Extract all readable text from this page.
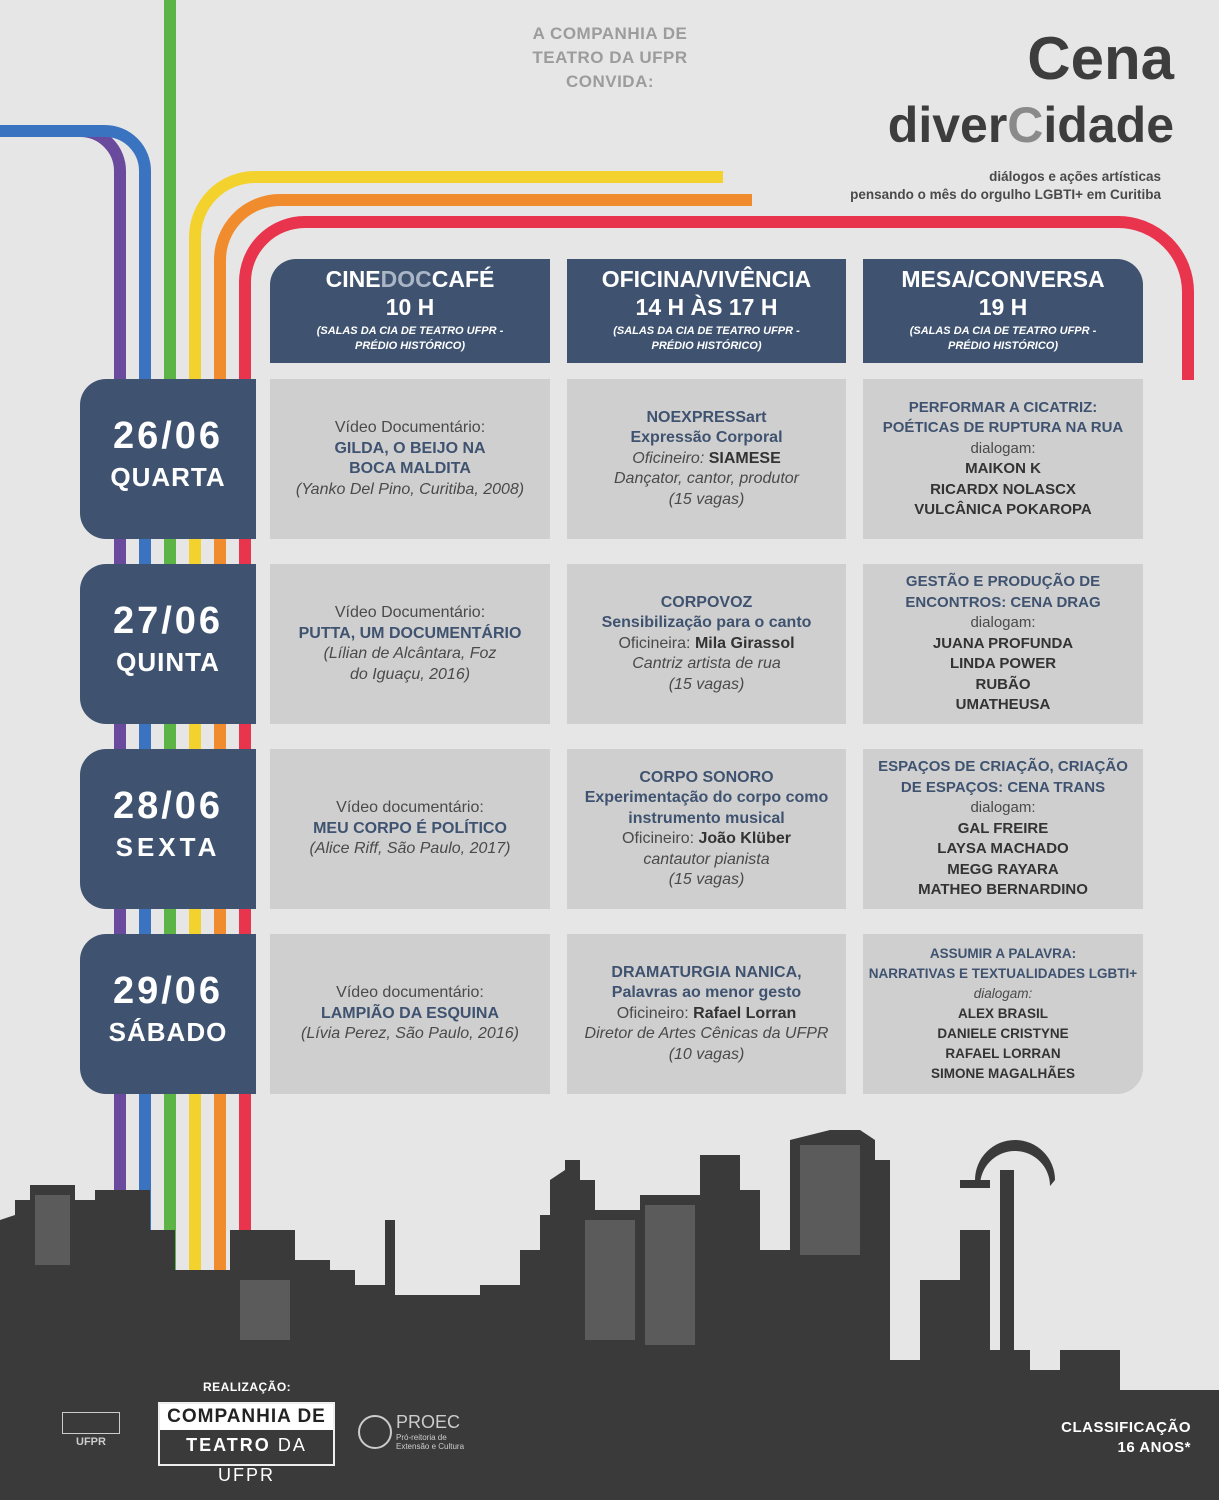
A COMPANHIA DE
TEATRO DA UFPR
CONVIDA:	Cena
diverCidade
diálogos e ações artísticas
pensando o mês do orgulho LGBTI+ em Curitiba
CINEDOCCAFÉ
10 H
(SALAS DA CIA DE TEATRO UFPR -
PRÉDIO HISTÓRICO)
OFICINA/VIVÊNCIA
14 H ÀS 17 H
(SALAS DA CIA DE TEATRO UFPR -
PRÉDIO HISTÓRICO)
MESA/CONVERSA
19 H
(SALAS DA CIA DE TEATRO UFPR -
PRÉDIO HISTÓRICO)
26/06
QUARTA
27/06
QUINTA
28/06
SEXTA
29/06
SÁBADO
Vídeo Documentário:
GILDA, O BEIJO NA
BOCA MALDITA
(Yanko Del Pino, Curitiba, 2008)
NOEXPRESSart
Expressão Corporal
Oficineiro: SIAMESE
Dançator, cantor, produtor
(15 vagas)
PERFORMAR A CICATRIZ:
POÉTICAS DE RUPTURA NA RUA
dialogam:
MAIKON K
RICARDX NOLASCX
VULCÂNICA POKAROPA
Vídeo Documentário:
PUTTA, UM DOCUMENTÁRIO
(Lílian de Alcântara, Foz
do Iguaçu, 2016)
CORPOVOZ
Sensibilização para o canto
Oficineira: Mila Girassol
Cantriz artista de rua
(15 vagas)
GESTÃO E PRODUÇÃO DE
ENCONTROS: CENA DRAG
dialogam:
JUANA PROFUNDA
LINDA POWER
RUBÃO
UMATHEUSA
Vídeo documentário:
MEU CORPO É POLÍTICO
(Alice Riff, São Paulo, 2017)
CORPO SONORO
Experimentação do corpo como
instrumento musical
Oficineiro: João Klüber
cantautor pianista
(15 vagas)
ESPAÇOS DE CRIAÇÃO, CRIAÇÃO
DE ESPAÇOS: CENA TRANS
dialogam:
GAL FREIRE
LAYSA MACHADO
MEGG RAYARA
MATHEO BERNARDINO
Vídeo documentário:
LAMPIÃO DA ESQUINA
(Lívia Perez, São Paulo, 2016)
DRAMATURGIA NANICA,
Palavras ao menor gesto
Oficineiro: Rafael Lorran
Diretor de Artes Cênicas da UFPR
(10 vagas)
ASSUMIR A PALAVRA:
NARRATIVAS E TEXTUALIDADES LGBTI+
dialogam:
ALEX BRASIL
DANIELE CRISTYNE
RAFAEL LORRAN
SIMONE MAGALHÃES
REALIZAÇÃO:
UFPR
COMPANHIA DE
TEATRO DA UFPR
PROEC
Pró-reitoria de
Extensão e Cultura
CLASSIFICAÇÃO
16 ANOS*
